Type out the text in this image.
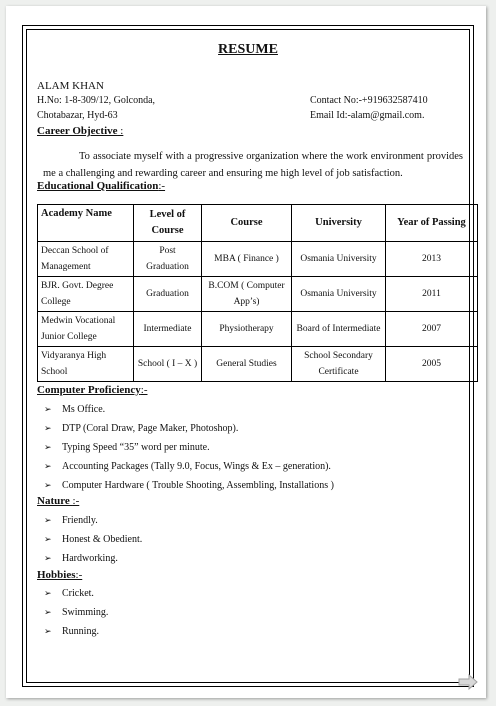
RESUME
ALAM KHAN
H.No: 1-8-309/12, Golconda,
Chotabazar, Hyd-63
Contact No:-+919632587410
Email Id:-alam@gmail.com.
Career Objective :
To associate myself with a progressive organization where the work environment provides me a challenging and rewarding career and ensuring me high level of job satisfaction.
Educational Qualification:-
Academy Name	Level of Course	Course	University	Year of Passing
Deccan School of Management	Post Graduation	MBA ( Finance )	Osmania University	2013
BJR. Govt. Degree College	Graduation	B.COM ( Computer App’s)	Osmania University	2011
Medwin Vocational Junior College	Intermediate	Physiotherapy	Board of Intermediate	2007
Vidyaranya High School	School ( I – X )	General Studies	School Secondary Certificate	2005
Computer Proficiency:-
➢ Ms Office.
➢ DTP (Coral Draw, Page Maker, Photoshop).
➢ Typing Speed “35” word per minute.
➢ Accounting Packages (Tally 9.0, Focus, Wings & Ex – generation).
➢ Computer Hardware ( Trouble Shooting, Assembling, Installations )
Nature :-
➢ Friendly.
➢ Honest & Obedient.
➢ Hardworking.
Hobbies:-
➢ Cricket.
➢ Swimming.
➢ Running.
